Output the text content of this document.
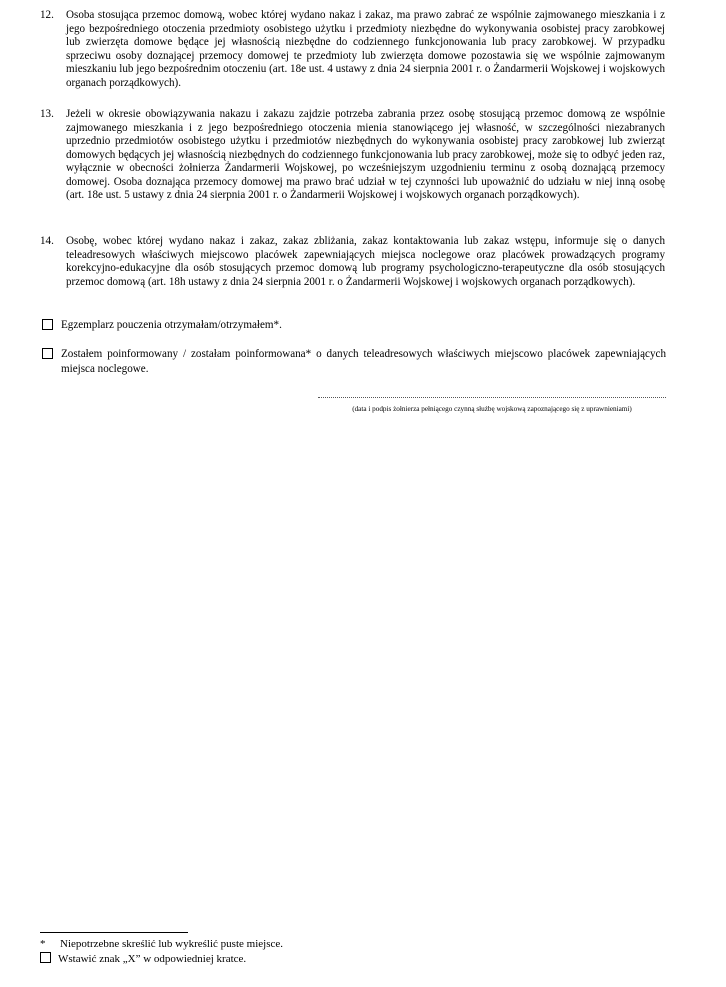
12.	Osoba stosująca przemoc domową, wobec której wydano nakaz i zakaz, ma prawo zabrać ze wspólnie zajmowanego mieszkania i z jego bezpośredniego otoczenia przedmioty osobistego użytku i przedmioty niezbędne do wykonywania osobistej pracy zarobkowej lub zwierzęta domowe będące jej własnością niezbędne do codziennego funkcjonowania lub pracy zarobkowej. W przypadku sprzeciwu osoby doznającej przemocy domowej te przedmioty lub zwierzęta domowe pozostawia się we wspólnie zajmowanym mieszkaniu lub jego bezpośrednim otoczeniu (art. 18e ust. 4 ustawy z dnia 24 sierpnia 2001 r. o Żandarmerii Wojskowej i wojskowych organach porządkowych).
13.	Jeżeli w okresie obowiązywania nakazu i zakazu zajdzie potrzeba zabrania przez osobę stosującą przemoc domową ze wspólnie zajmowanego mieszkania i z jego bezpośredniego otoczenia mienia stanowiącego jej własność, w szczególności niezabranych uprzednio przedmiotów osobistego użytku i przedmiotów niezbędnych do wykonywania osobistej pracy zarobkowej lub zwierząt domowych będących jej własnością niezbędnych do codziennego funkcjonowania lub pracy zarobkowej, może się to odbyć jeden raz, wyłącznie w obecności żołnierza Żandarmerii Wojskowej, po wcześniejszym uzgodnieniu terminu z osobą doznającą przemocy domowej. Osoba doznająca przemocy domowej ma prawo brać udział w tej czynności lub upoważnić do udziału w niej inną osobę (art. 18e ust. 5 ustawy z dnia 24 sierpnia 2001 r. o Żandarmerii Wojskowej i wojskowych organach porządkowych).
14.	Osobę, wobec której wydano nakaz i zakaz, zakaz zbliżania, zakaz kontaktowania lub zakaz wstępu, informuje się o danych teleadresowych właściwych miejscowo placówek zapewniających miejsca noclegowe oraz placówek prowadzących programy korekcyjno-edukacyjne dla osób stosujących przemoc domową lub programy psychologiczno-terapeutyczne dla osób stosujących przemoc domową (art. 18h ustawy z dnia 24 sierpnia 2001 r. o Żandarmerii Wojskowej i wojskowych organach porządkowych).
Egzemplarz pouczenia otrzymałam/otrzymałem*.
Zostałem poinformowany / zostałam poinformowana* o danych teleadresowych właściwych miejscowo placówek zapewniających miejsca noclegowe.
(data i podpis żołnierza pełniącego czynną służbę wojskową zapoznającego się z uprawnieniami)
* Niepotrzebne skreślić lub wykreślić puste miejsce.
Wstawić znak „X” w odpowiedniej kratce.
